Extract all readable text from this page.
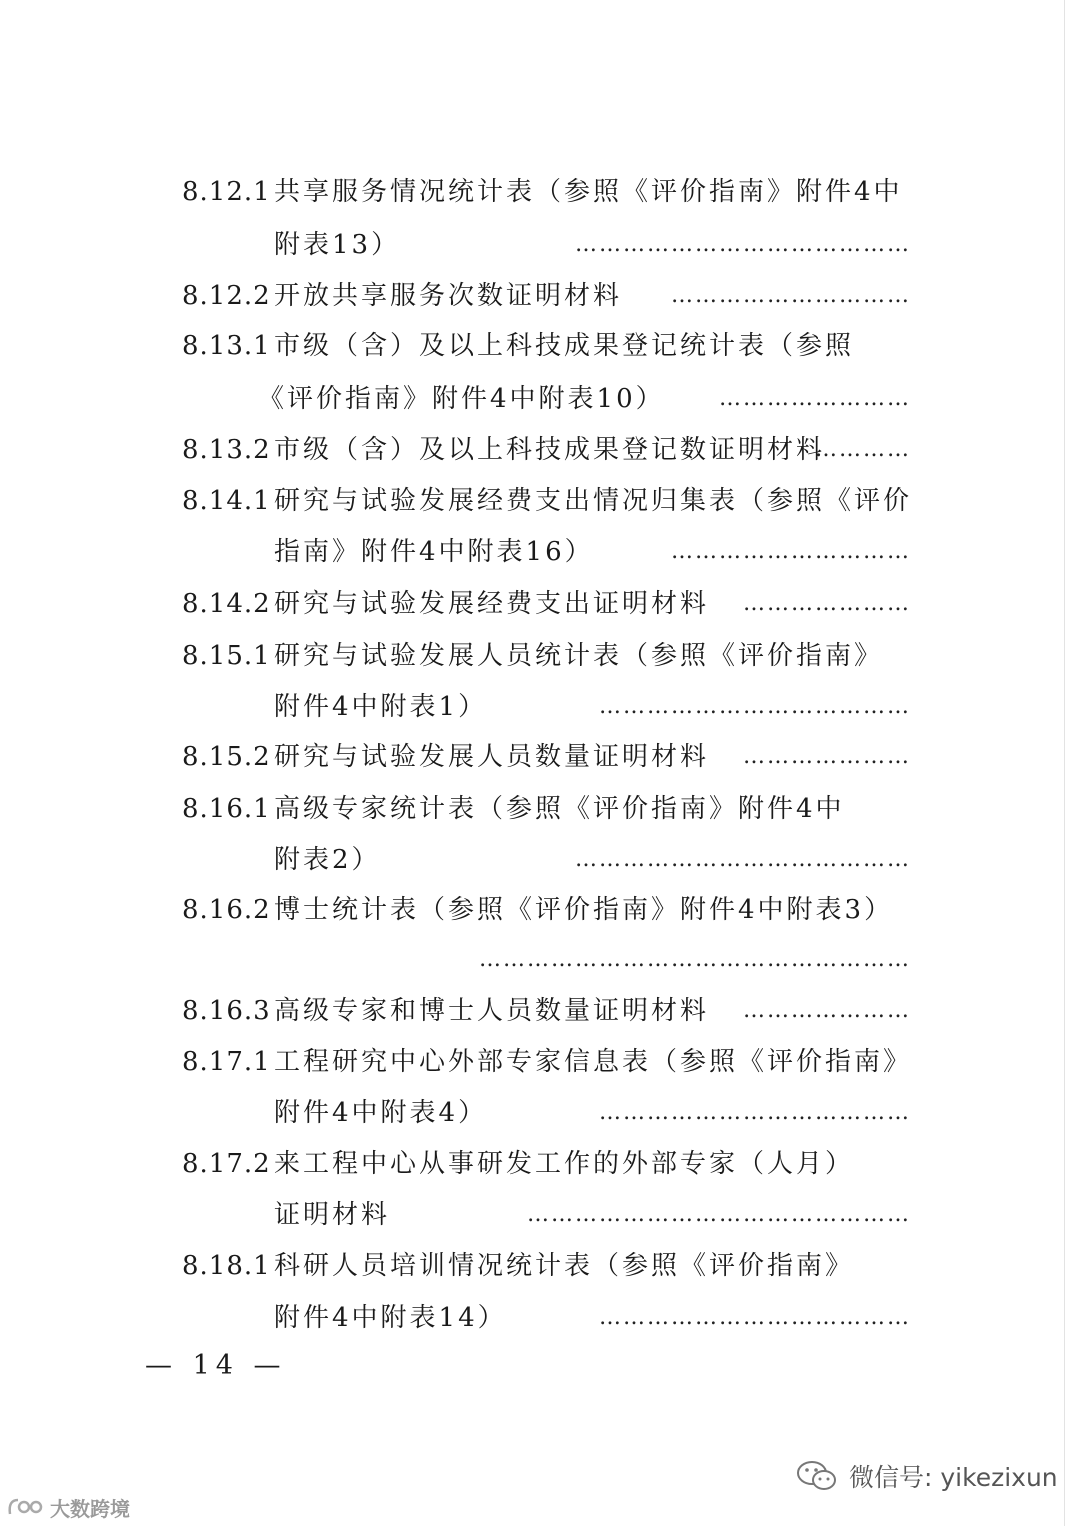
8.12.1 共享服务情况统计表（参照《评价指南》附件4中
附表13）	……………………………………
8.12.2 开放共享服务次数证明材料 …………………………
8.13.1 市级（含）及以上科技成果登记统计表（参照
《评价指南》附件4中附表10） ……………………
8.13.2 市级（含）及以上科技成果登记数证明材料
…………
8.14.1 研究与试验发展经费支出情况归集表（参照《评价
指南》附件4中附表16）	…………………………
8.14.2 研究与试验发展经费支出证明材料 …………………
8.15.1 研究与试验发展人员统计表（参照《评价指南》
附件4中附表1）	…………………………………
8.15.2 研究与试验发展人员数量证明材料 …………………
8.16.1 高级专家统计表（参照《评价指南》附件4中
附表2）	……………………………………
8.16.2 博士统计表（参照《评价指南》附件4中附表3）
………………………………………………
8.16.3 高级专家和博士人员数量证明材料 …………………
8.17.1 工程研究中心外部专家信息表（参照《评价指南》
附件4中附表4）	…………………………………
8.17.2 来工程中心从事研发工作的外部专家（人月）
证明材料	…………………………………………
8.18.1 科研人员培训情况统计表（参照《评价指南》
附件4中附表14）	…………………………………
— 14 —
微信号: yikezixun
大数跨境
